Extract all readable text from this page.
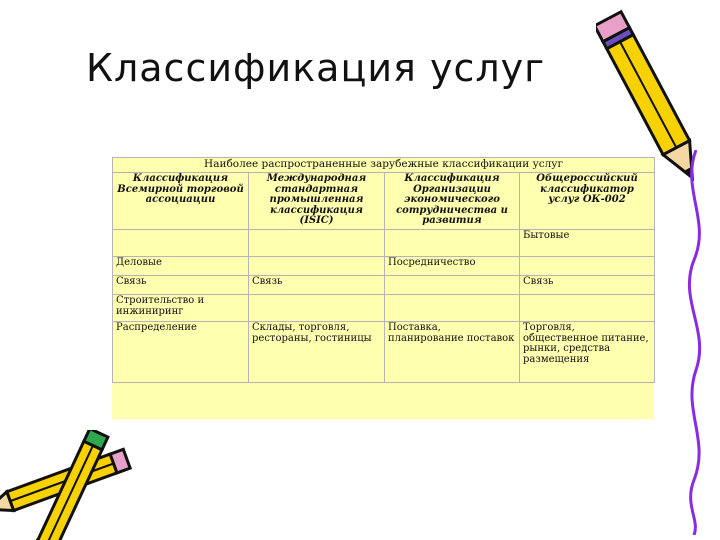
Классификация услуг
Наиболее распространенные зарубежные классификации услуг			
Классификация Всемирной торговой ассоциации	Международная стандартная промышленная классификация (ISIC)	Классификация Организации экономического сотрудничества и развития	Общероссийский классификатор услуг ОК-002
			Бытовые
Деловые		Посредничество	
Связь	Связь		Связь
Строительство и инжиниринг			
Распределение	Склады, торговля, рестораны, гостиницы	Поставка, планирование поставок	Торговля, общественное питание, рынки, средства размещения
